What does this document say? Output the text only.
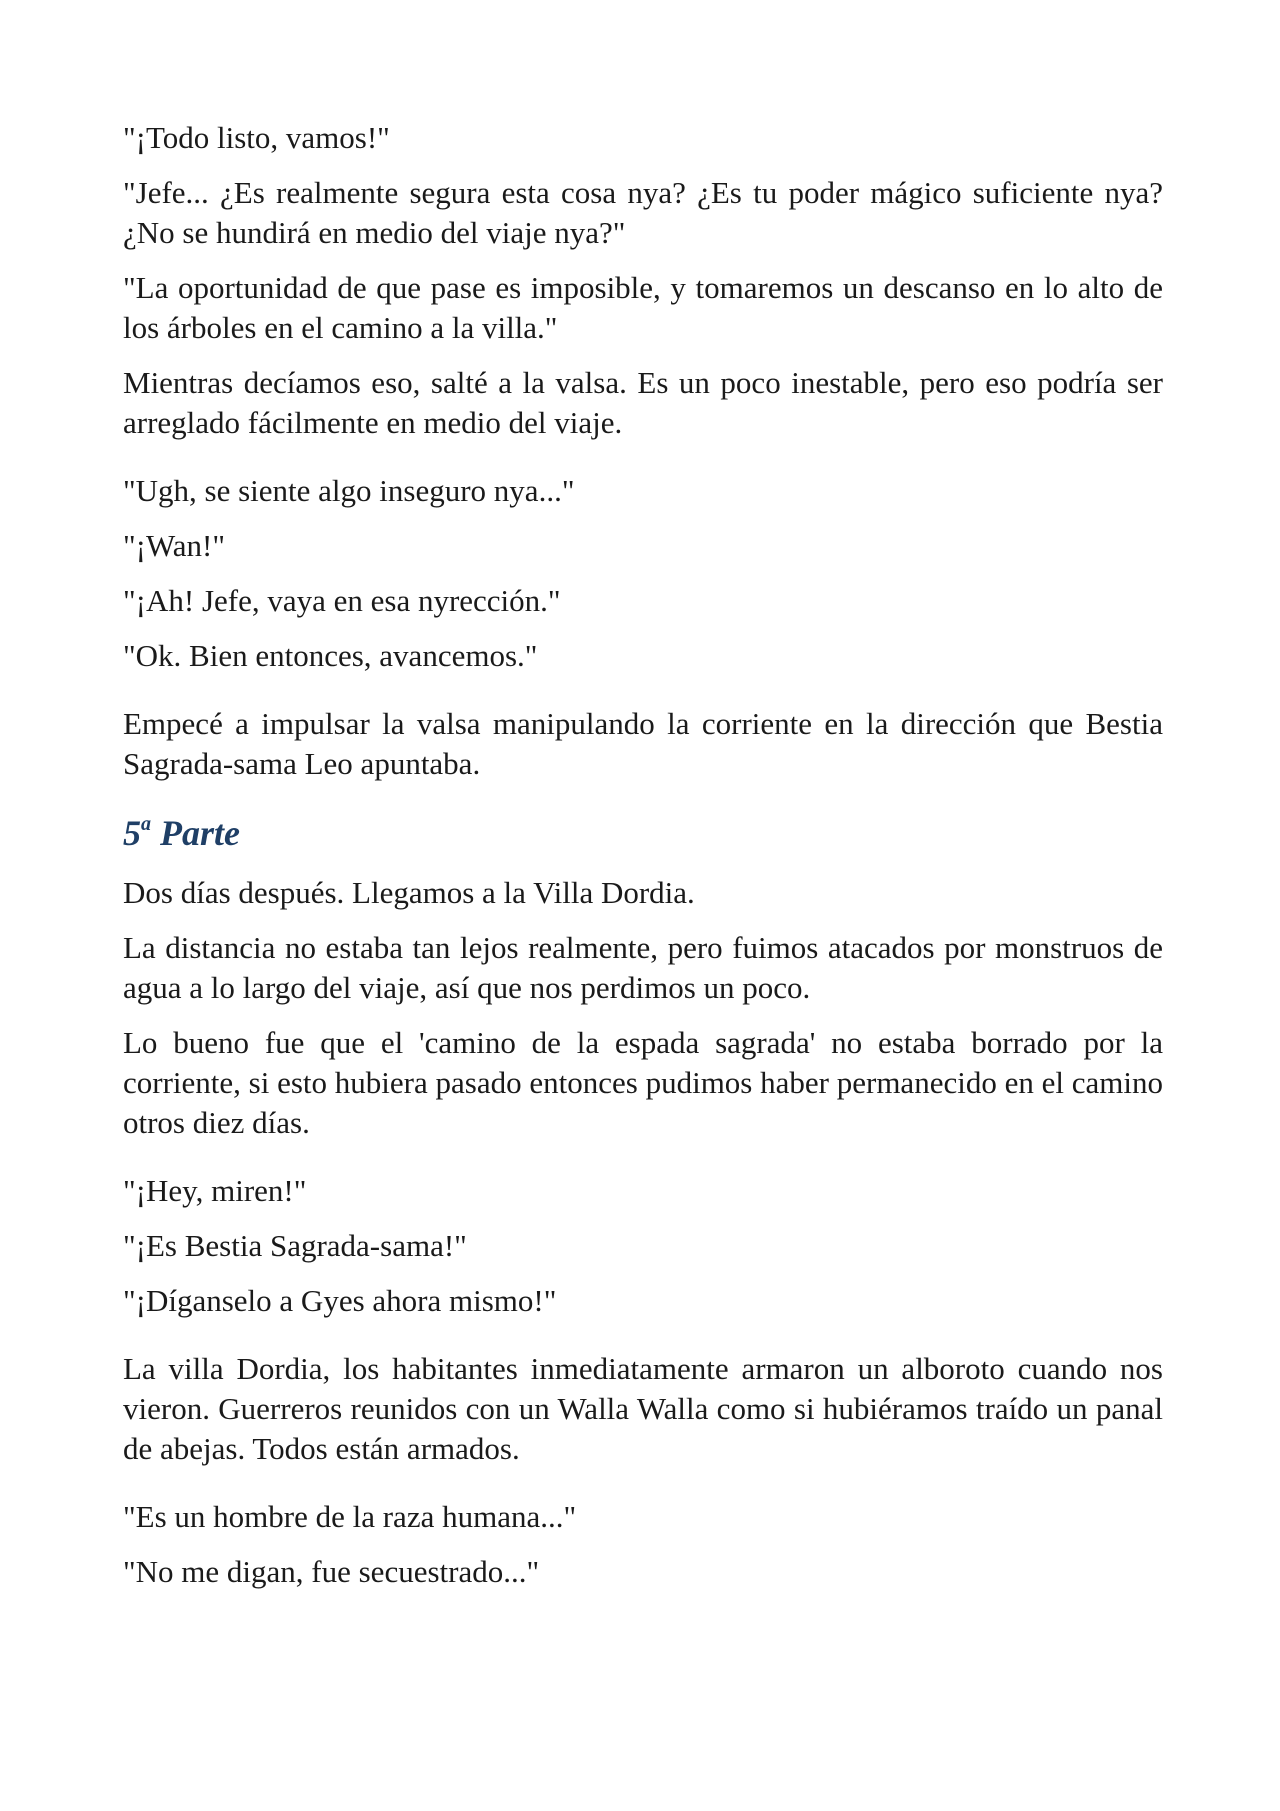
"¡Todo listo, vamos!"

"Jefe... ¿Es realmente segura esta cosa nya? ¿Es tu poder mágico suficiente nya? ¿No se hundirá en medio del viaje nya?"

"La oportunidad de que pase es imposible, y tomaremos un descanso en lo alto de los árboles en el camino a la villa."

Mientras decíamos eso, salté a la valsa. Es un poco inestable, pero eso podría ser arreglado fácilmente en medio del viaje.

"Ugh, se siente algo inseguro nya..."

"¡Wan!"

"¡Ah! Jefe, vaya en esa nyrección."

"Ok. Bien entonces, avancemos."

Empecé a impulsar la valsa manipulando la corriente en la dirección que Bestia Sagrada-sama Leo apuntaba.

5$^a$ Parte

Dos días después. Llegamos a la Villa Dordia.

La distancia no estaba tan lejos realmente, pero fuimos atacados por monstruos de agua a lo largo del viaje, así que nos perdimos un poco.

Lo bueno fue que el 'camino de la espada sagrada' no estaba borrado por la corriente, si esto hubiera pasado entonces pudimos haber permanecido en el camino otros diez días.

"¡Hey, miren!"

"¡Es Bestia Sagrada-sama!"

"¡Díganselo a Gyes ahora mismo!"

La villa Dordia, los habitantes inmediatamente armaron un alboroto cuando nos vieron. Guerreros reunidos con un Walla Walla como si hubiéramos traído un panal de abejas. Todos están armados.

"Es un hombre de la raza humana..."

"No me digan, fue secuestrado..."
